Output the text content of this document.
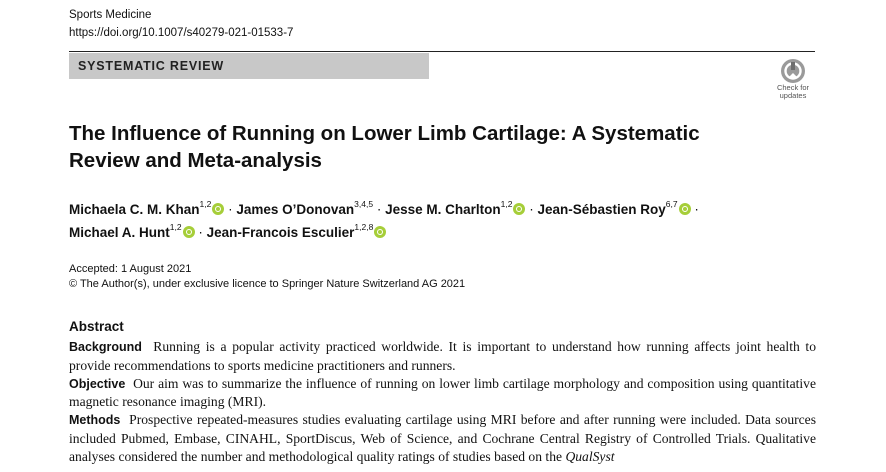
Sports Medicine
https://doi.org/10.1007/s40279-021-01533-7
SYSTEMATIC REVIEW
Check for
updates
The Influence of Running on Lower Limb Cartilage: A Systematic Review and Meta-analysis
Michaela C. M. Khan$^{1,2}$ · James O’Donovan$^{3,4,5}$ · Jesse M. Charlton$^{1,2}$ · Jean-Sébastien Roy$^{6,7}$ ·
Michael A. Hunt$^{1,2}$ · Jean-Francois Esculier$^{1,2,8}$
Accepted: 1 August 2021
© The Author(s), under exclusive licence to Springer Nature Switzerland AG 2021
Abstract

Background Running is a popular activity practiced worldwide. It is important to understand how running affects joint health to provide recommendations to sports medicine practitioners and runners.

Objective Our aim was to summarize the influence of running on lower limb cartilage morphology and composition using quantitative magnetic resonance imaging (MRI).

Methods Prospective repeated-measures studies evaluating cartilage using MRI before and after running were included. Data sources included Pubmed, Embase, CINAHL, SportDiscus, Web of Science, and Cochrane Central Registry of Controlled Trials. Qualitative analyses considered the number and methodological quality ratings of studies based on the QualSyst
